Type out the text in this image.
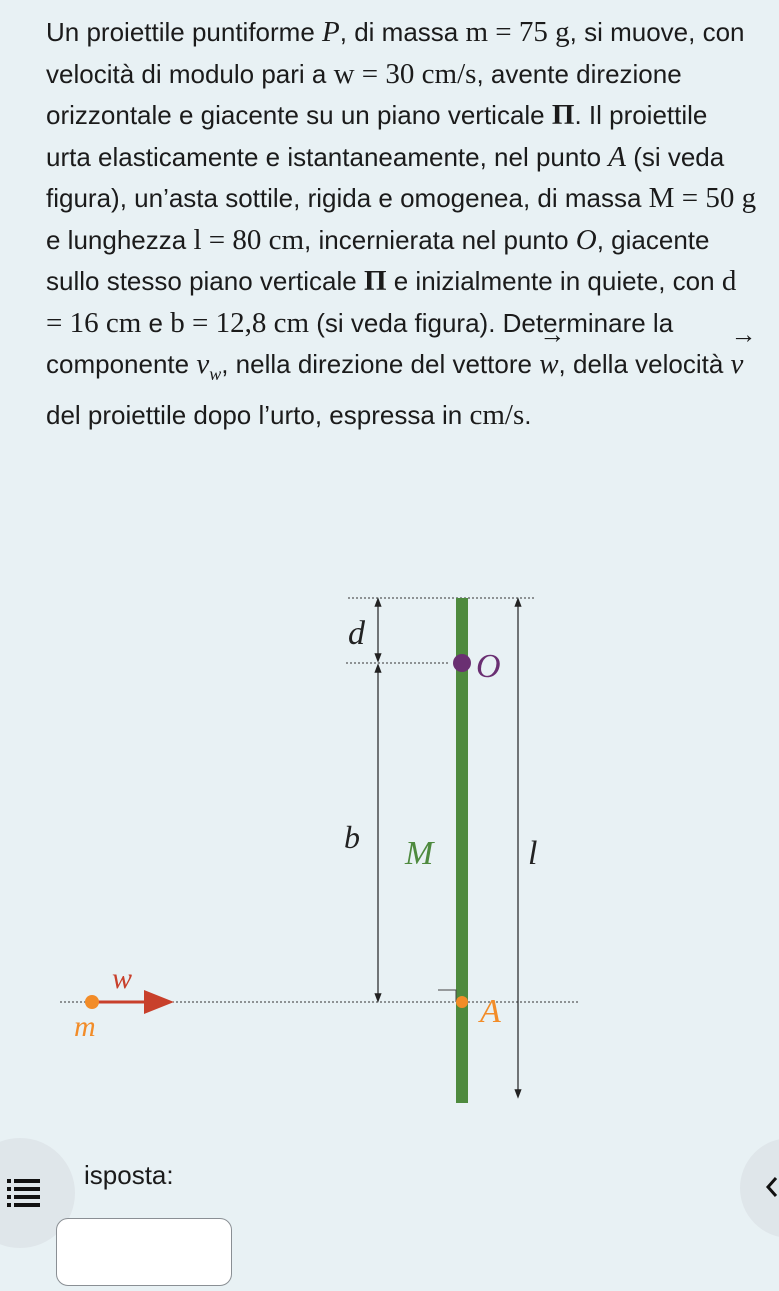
Un proiettile puntiforme P, di massa m = 75 g, si muove, con velocità di modulo pari a w = 30 cm/s, avente direzione orizzontale e giacente su un piano verticale Π. Il proiettile urta elasticamente e istantaneamente, nel punto A (si veda figura), un’asta sottile, rigida e omogenea, di massa M = 50 g e lunghezza l = 80 cm, incernierata nel punto O, giacente sullo stesso piano verticale Π e inizialmente in quiete, con d = 16 cm e b = 12,8 cm (si veda figura). Determinare la componente $v_w$, nella direzione del vettore → w, della velocità → v del proiettile dopo l’urto, espressa in cm/s.
d
O
b M	l
w⃗
m	A
isposta:
